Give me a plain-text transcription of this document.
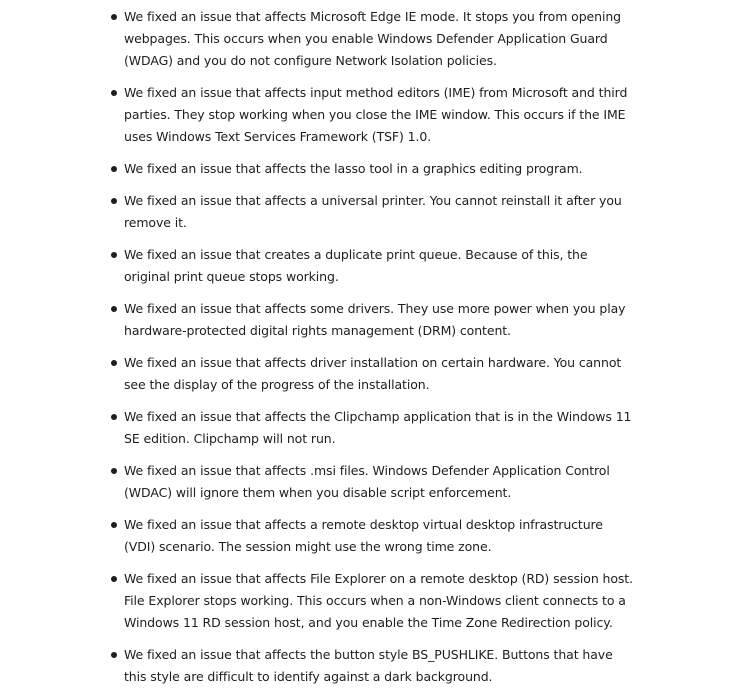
We fixed an issue that affects Microsoft Edge IE mode. It stops you from opening webpages. This occurs when you enable Windows Defender Application Guard (WDAG) and you do not configure Network Isolation policies.
We fixed an issue that affects input method editors (IME) from Microsoft and third parties. They stop working when you close the IME window. This occurs if the IME uses Windows Text Services Framework (TSF) 1.0.
We fixed an issue that affects the lasso tool in a graphics editing program.
We fixed an issue that affects a universal printer. You cannot reinstall it after you remove it.
We fixed an issue that creates a duplicate print queue. Because of this, the original print queue stops working.
We fixed an issue that affects some drivers. They use more power when you play hardware-protected digital rights management (DRM) content.
We fixed an issue that affects driver installation on certain hardware. You cannot see the display of the progress of the installation.
We fixed an issue that affects the Clipchamp application that is in the Windows 11 SE edition. Clipchamp will not run.
We fixed an issue that affects .msi files. Windows Defender Application Control (WDAC) will ignore them when you disable script enforcement.
We fixed an issue that affects a remote desktop virtual desktop infrastructure (VDI) scenario. The session might use the wrong time zone.
We fixed an issue that affects File Explorer on a remote desktop (RD) session host. File Explorer stops working. This occurs when a non-Windows client connects to a Windows 11 RD session host, and you enable the Time Zone Redirection policy.
We fixed an issue that affects the button style BS_PUSHLIKE. Buttons that have this style are difficult to identify against a dark background.
